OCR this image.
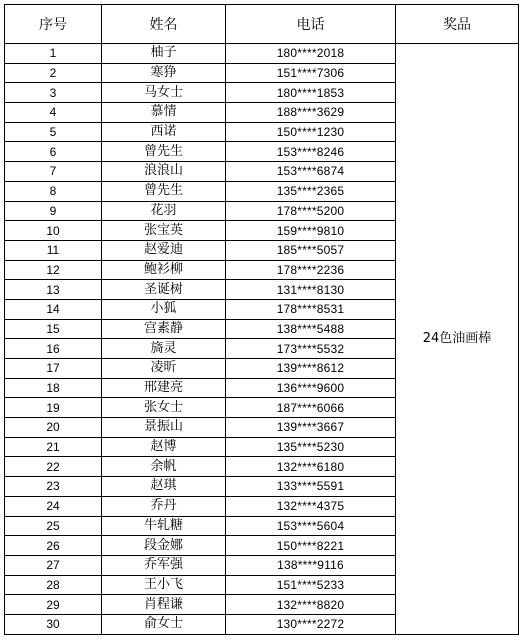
序号	姓名	电话	奖品
1	柚子	180****2018	24色油画棒
2	寒狰	151****7306	
3	马女士	180****1853	
4	慕情	188****3629	
5	西诺	150****1230	
6	曾先生	153****8246	
7	浪浪山	153****6874	
8	曾先生	135****2365	
9	花羽	178****5200	
10	张宝英	159****9810	
11	赵爱迪	185****5057	
12	鲍衫柳	178****2236	
13	圣诞树	131****8130	
14	小狐	178****8531	
15	宫素静	138****5488	
16	旖灵	173****5532	
17	凌昕	139****8612	
18	邢建亮	136****9600	
19	张女士	187****6066	
20	景振山	139****3667	
21	赵博	135****5230	
22	余帆	132****6180	
23	赵琪	133****5591	
24	乔丹	132****4375	
25	牛轧糖	153****5604	
26	段金娜	150****8221	
27	乔军强	138****9116	
28	王小飞	151****5233	
29	肖程谦	132****8820	
30	俞女士	130****2272	
